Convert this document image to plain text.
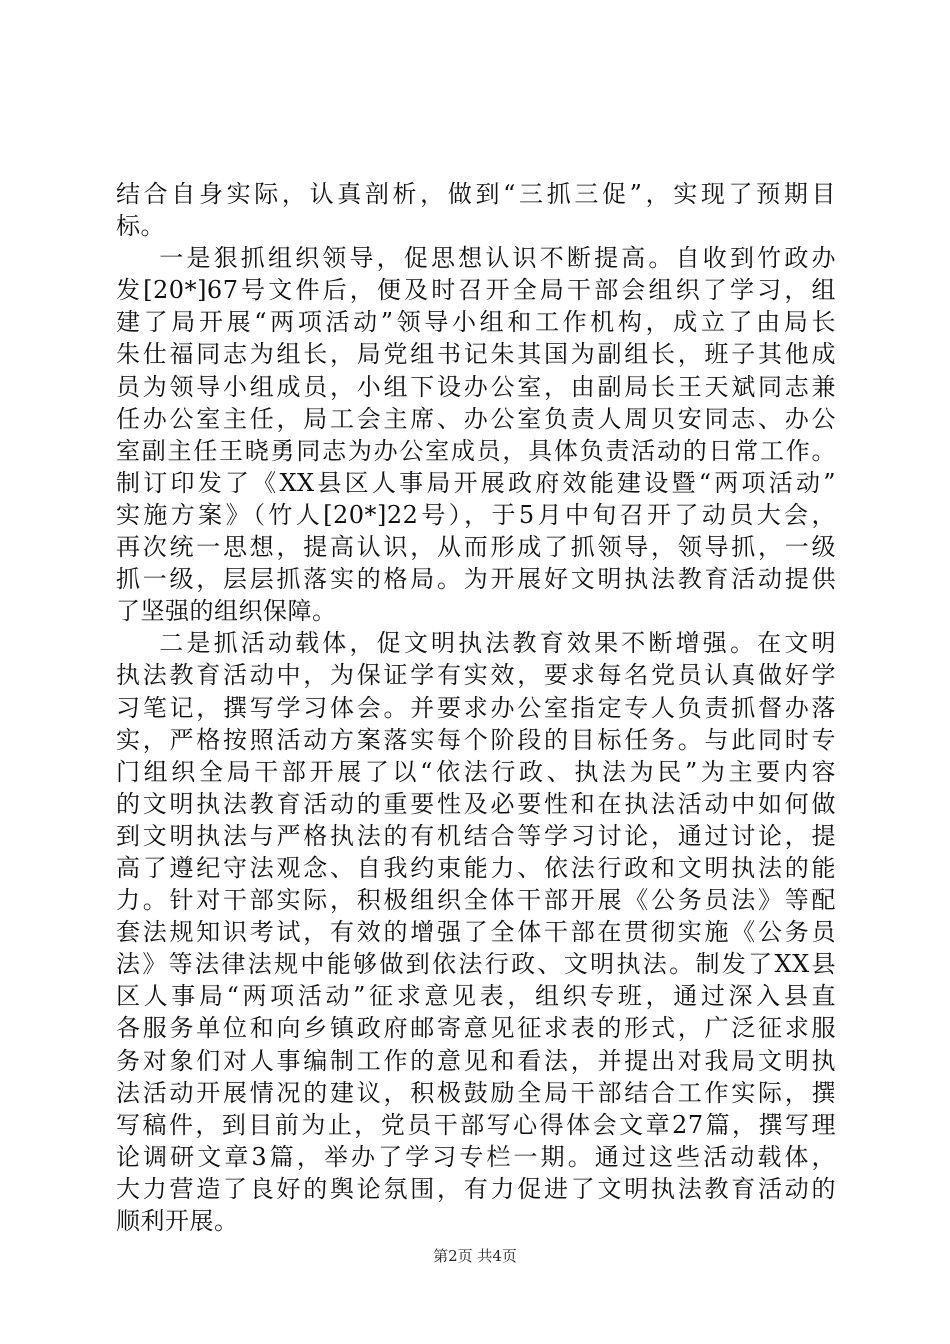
结合自身实际，认真剖析，做到“三抓三促”，实现了预期目
标。
一是狠抓组织领导，促思想认识不断提高。自收到竹政办
发[20*]67号文件后，便及时召开全局干部会组织了学习，组
建了局开展“两项活动”领导小组和工作机构，成立了由局长
朱仕福同志为组长，局党组书记朱其国为副组长，班子其他成
员为领导小组成员，小组下设办公室，由副局长王天斌同志兼
任办公室主任，局工会主席、办公室负责人周贝安同志、办公
室副主任王晓勇同志为办公室成员，具体负责活动的日常工作。
制订印发了《XX县区人事局开展政府效能建设暨“两项活动”
实施方案》（竹人[20*]22号），于5月中旬召开了动员大会，
再次统一思想，提高认识，从而形成了抓领导，领导抓，一级
抓一级，层层抓落实的格局。为开展好文明执法教育活动提供
了坚强的组织保障。
二是抓活动载体，促文明执法教育效果不断增强。在文明
执法教育活动中，为保证学有实效，要求每名党员认真做好学
习笔记，撰写学习体会。并要求办公室指定专人负责抓督办落
实，严格按照活动方案落实每个阶段的目标任务。与此同时专
门组织全局干部开展了以“依法行政、执法为民”为主要内容
的文明执法教育活动的重要性及必要性和在执法活动中如何做
到文明执法与严格执法的有机结合等学习讨论，通过讨论，提
高了遵纪守法观念、自我约束能力、依法行政和文明执法的能
力。针对干部实际，积极组织全体干部开展《公务员法》等配
套法规知识考试，有效的增强了全体干部在贯彻实施《公务员
法》等法律法规中能够做到依法行政、文明执法。制发了XX县
区人事局“两项活动”征求意见表，组织专班，通过深入县直
各服务单位和向乡镇政府邮寄意见征求表的形式，广泛征求服
务对象们对人事编制工作的意见和看法，并提出对我局文明执
法活动开展情况的建议，积极鼓励全局干部结合工作实际，撰
写稿件，到目前为止，党员干部写心得体会文章27篇，撰写理
论调研文章3篇，举办了学习专栏一期。通过这些活动载体，
大力营造了良好的舆论氛围，有力促进了文明执法教育活动的
顺利开展。
第2页 共4页
